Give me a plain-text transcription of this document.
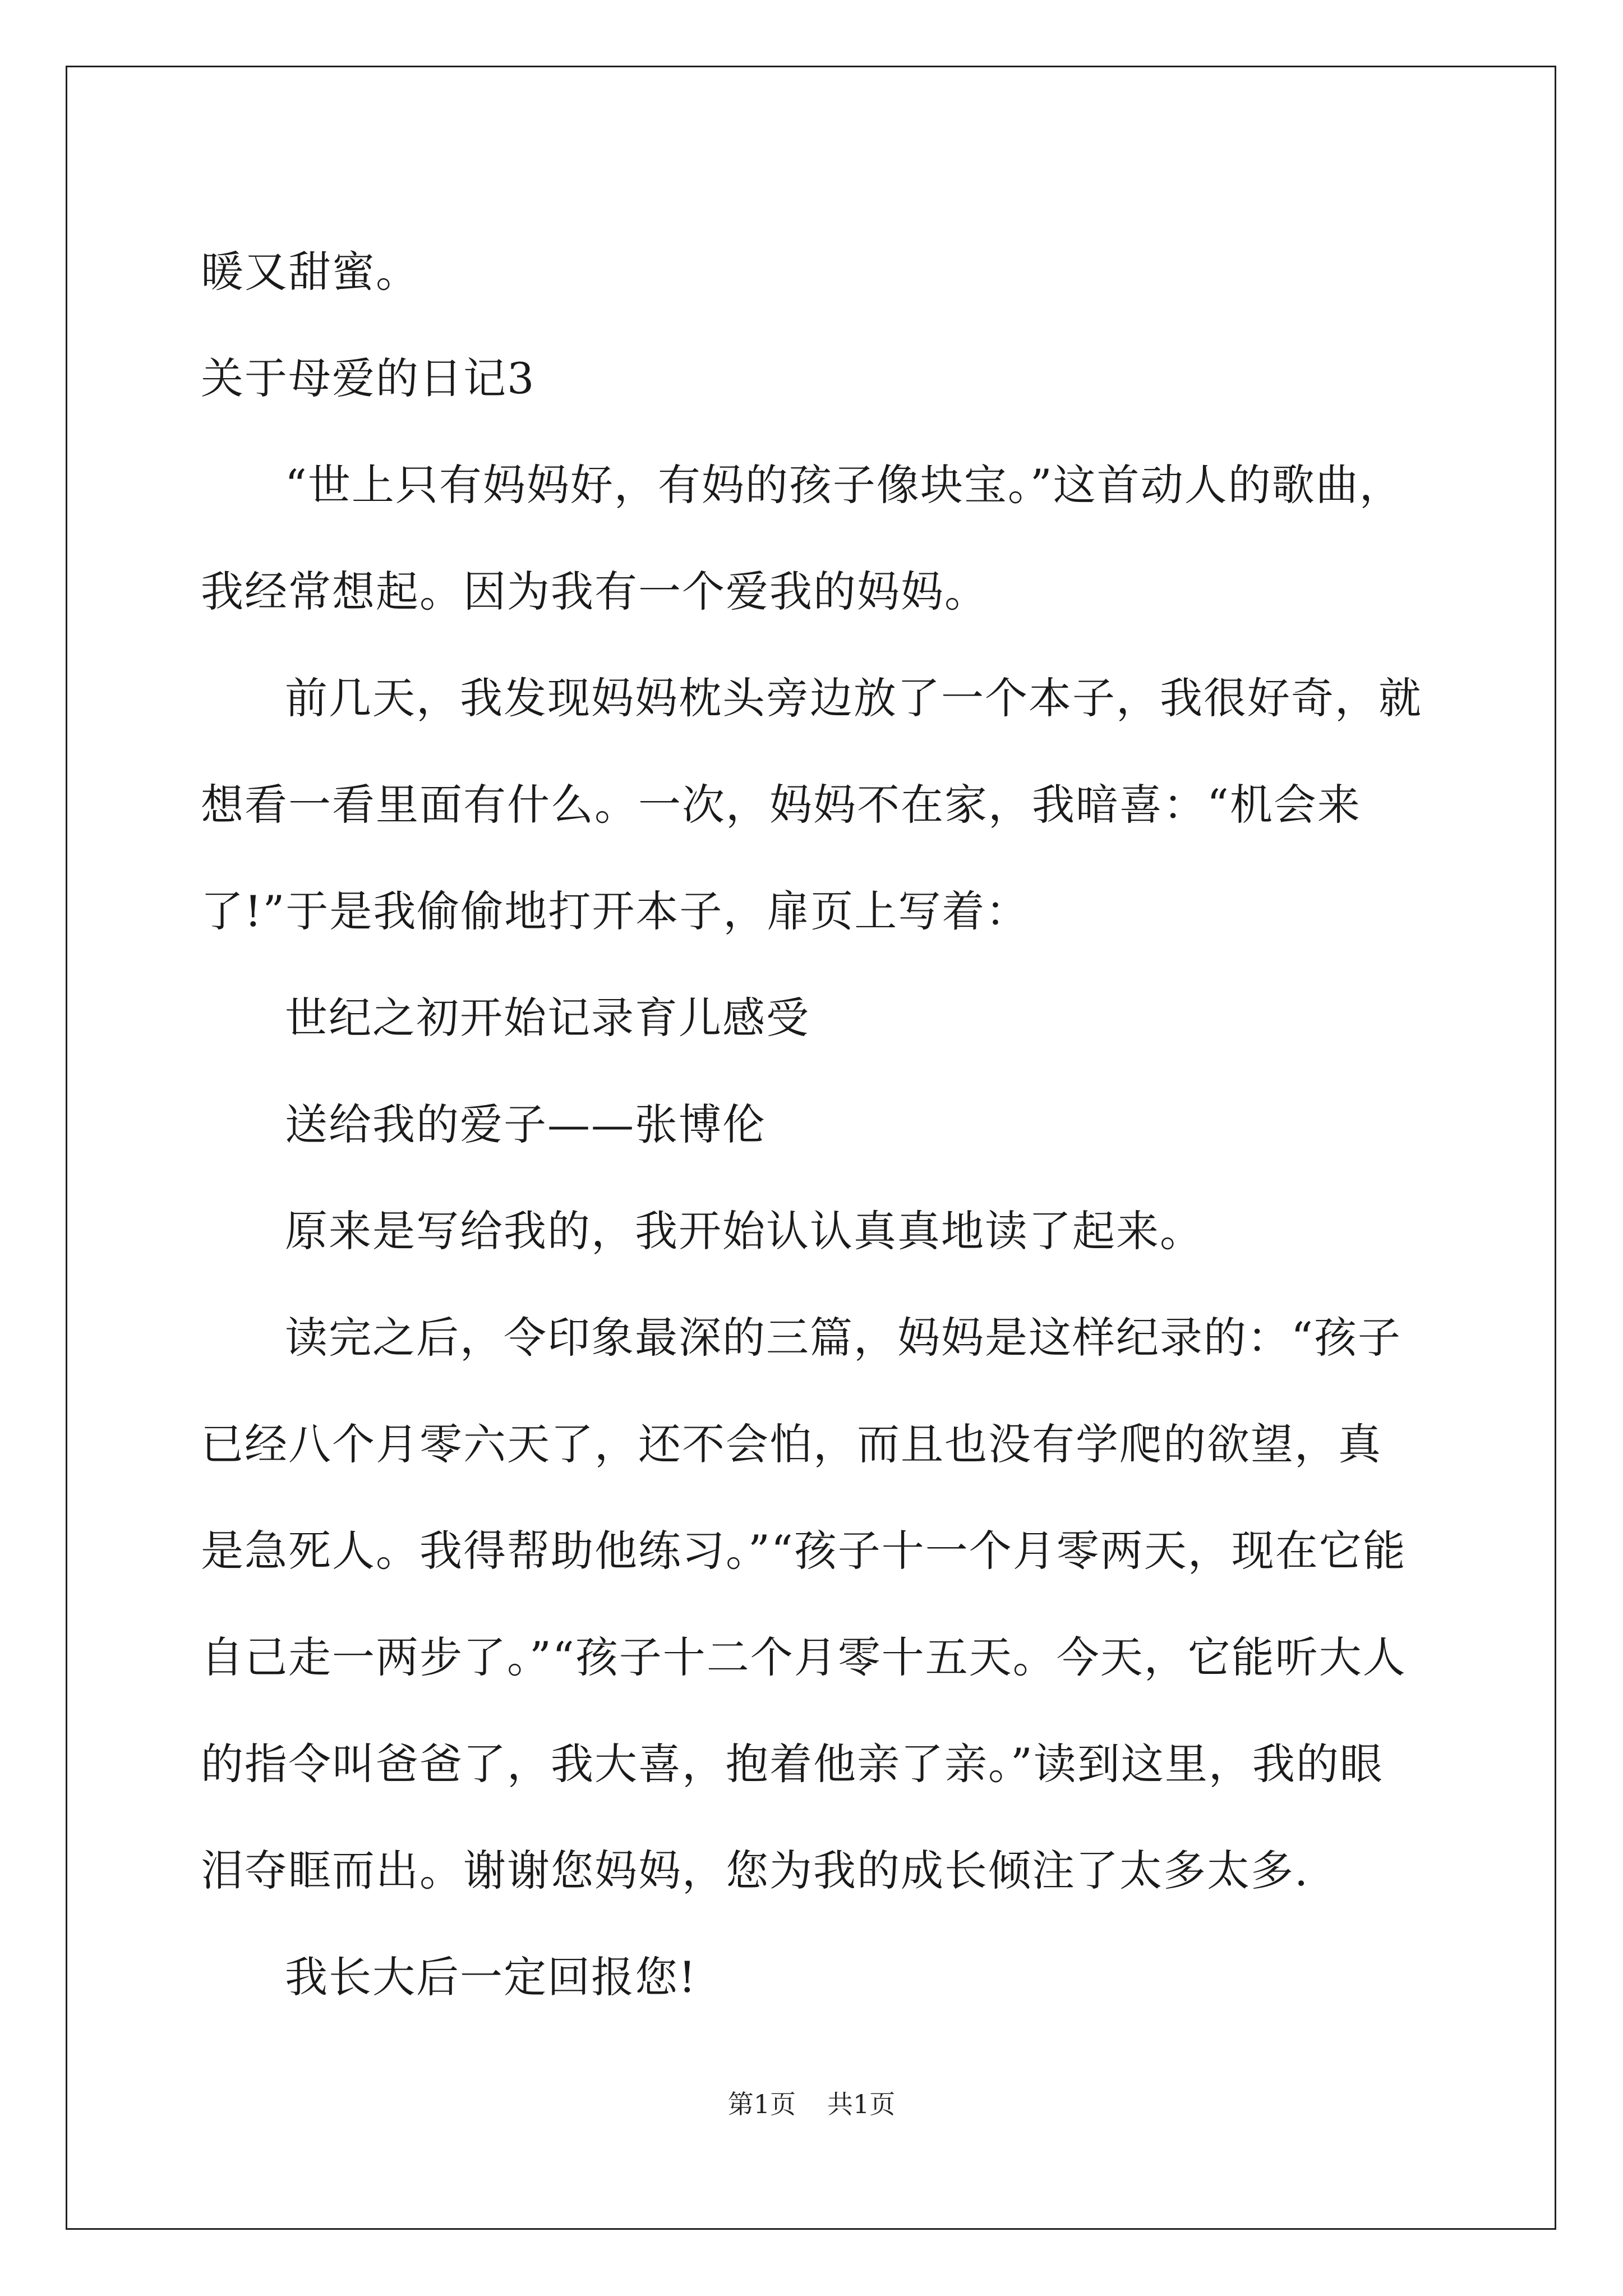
暖又甜蜜。

关于母爱的日记3

“世上只有妈妈好，有妈的孩子像块宝。”这首动人的歌曲，我经常想起。因为我有一个爱我的妈妈。

前几天，我发现妈妈枕头旁边放了一个本子，我很好奇，就想看一看里面有什么。一次，妈妈不在家，我暗喜：“机会来了!”于是我偷偷地打开本子，扉页上写着：

世纪之初开始记录育儿感受

送给我的爱子——张博伦

原来是写给我的，我开始认认真真地读了起来。

读完之后，令印象最深的三篇，妈妈是这样纪录的：“孩子已经八个月零六天了，还不会怕，而且也没有学爬的欲望，真是急死人。我得帮助他练习。”“孩子十一个月零两天，现在它能自己走一两步了。”“孩子十二个月零十五天。今天，它能听大人的指令叫爸爸了，我大喜，抱着他亲了亲。”读到这里，我的眼泪夺眶而出。谢谢您妈妈，您为我的成长倾注了太多太多.

我长大后一定回报您!

第1页 共1页
